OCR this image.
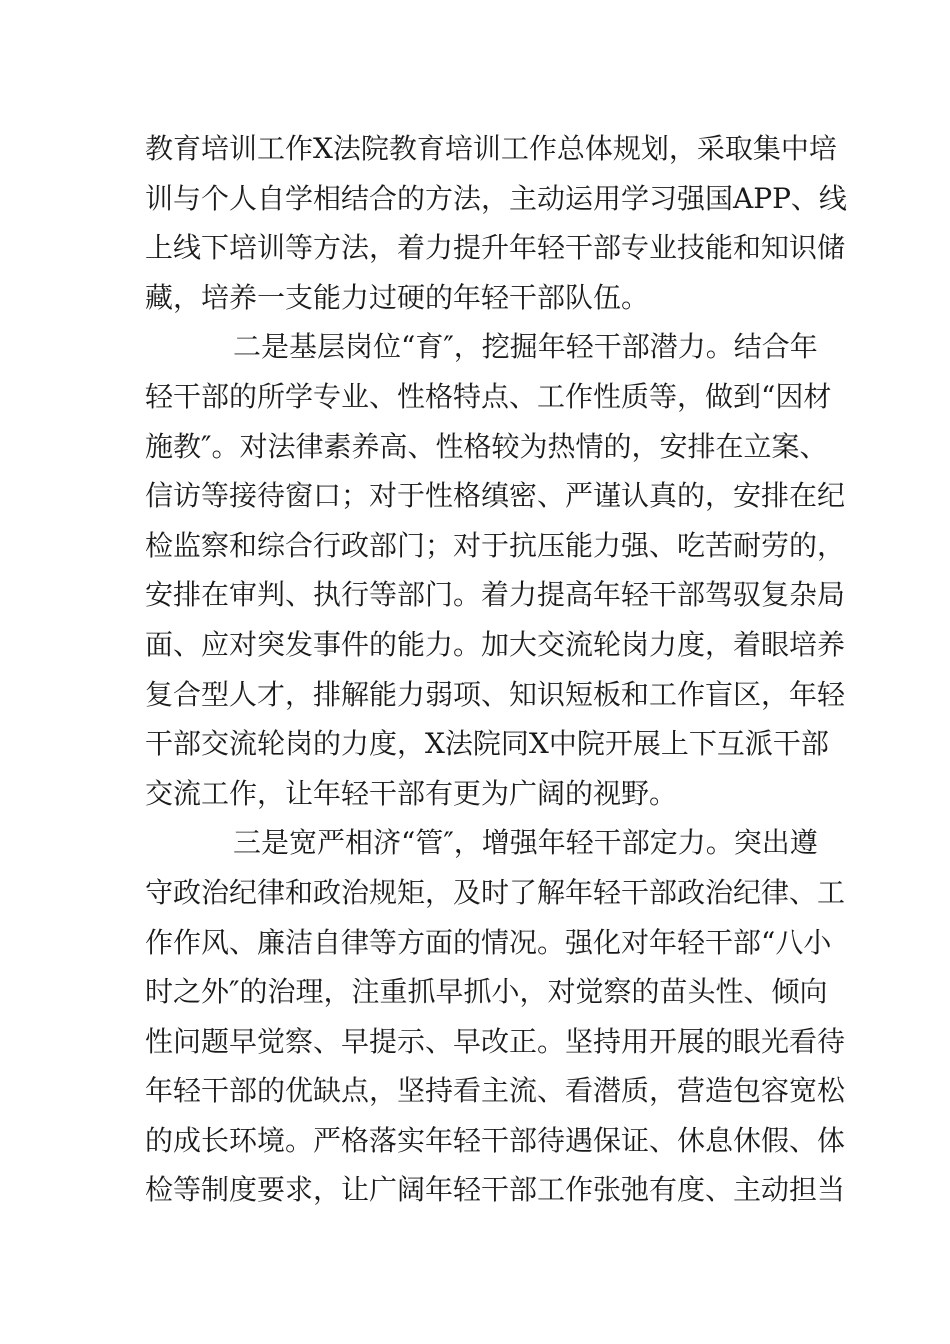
教育培训工作X法院教育培训工作总体规划，采取集中培
训与个人自学相结合的方法，主动运用学习强国APP、线
上线下培训等方法，着力提升年轻干部专业技能和知识储
藏，培养一支能力过硬的年轻干部队伍。
二是基层岗位“育″，挖掘年轻干部潜力。结合年
轻干部的所学专业、性格特点、工作性质等，做到“因材
施教″。对法律素养高、性格较为热情的，安排在立案、
信访等接待窗口；对于性格缜密、严谨认真的，安排在纪
检监察和综合行政部门；对于抗压能力强、吃苦耐劳的，
安排在审判、执行等部门。着力提高年轻干部驾驭复杂局
面、应对突发事件的能力。加大交流轮岗力度，着眼培养
复合型人才，排解能力弱项、知识短板和工作盲区，年轻
干部交流轮岗的力度，X法院同X中院开展上下互派干部
交流工作，让年轻干部有更为广阔的视野。
三是宽严相济“管″，增强年轻干部定力。突出遵
守政治纪律和政治规矩，及时了解年轻干部政治纪律、工
作作风、廉洁自律等方面的情况。强化对年轻干部“八小
时之外″的治理，注重抓早抓小，对觉察的苗头性、倾向
性问题早觉察、早提示、早改正。坚持用开展的眼光看待
年轻干部的优缺点，坚持看主流、看潜质，营造包容宽松
的成长环境。严格落实年轻干部待遇保证、休息休假、体
检等制度要求，让广阔年轻干部工作张弛有度、主动担当
